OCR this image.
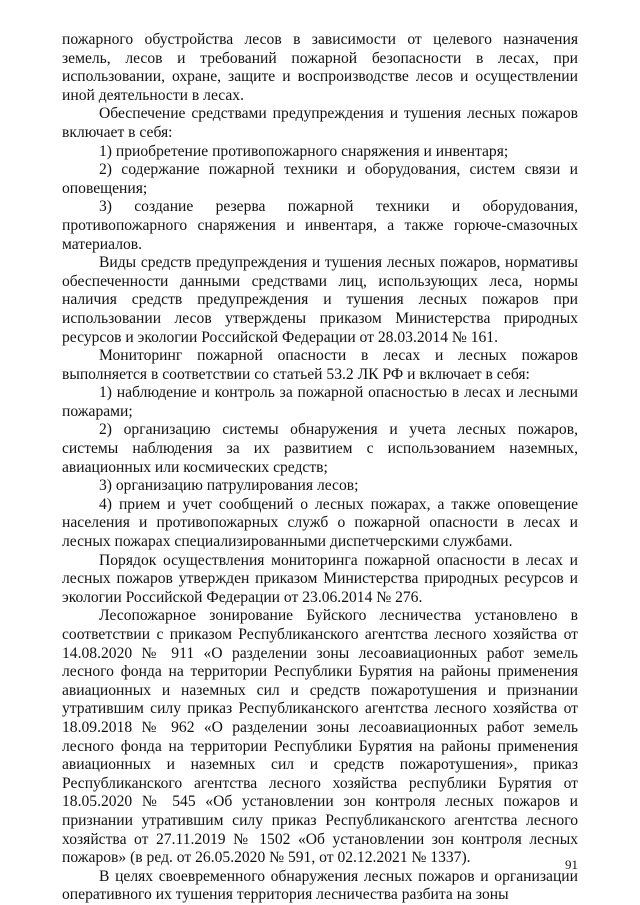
пожарного обустройства лесов в зависимости от целевого назначения земель, лесов и требований пожарной безопасности в лесах, при использовании, охране, защите и воспроизводстве лесов и осуществлении иной деятельности в лесах.

Обеспечение средствами предупреждения и тушения лесных пожаров включает в себя:

1) приобретение противопожарного снаряжения и инвентаря;

2) содержание пожарной техники и оборудования, систем связи и оповещения;

3) создание резерва пожарной техники и оборудования, противопожарного снаряжения и инвентаря, а также горюче-смазочных материалов.

Виды средств предупреждения и тушения лесных пожаров, нормативы обеспеченности данными средствами лиц, использующих леса, нормы наличия средств предупреждения и тушения лесных пожаров при использовании лесов утверждены приказом Министерства природных ресурсов и экологии Российской Федерации от 28.03.2014 № 161.

Мониторинг пожарной опасности в лесах и лесных пожаров выполняется в соответствии со статьей 53.2 ЛК РФ и включает в себя:

1) наблюдение и контроль за пожарной опасностью в лесах и лесными пожарами;

2) организацию системы обнаружения и учета лесных пожаров, системы наблюдения за их развитием с использованием наземных, авиационных или космических средств;

3) организацию патрулирования лесов;

4) прием и учет сообщений о лесных пожарах, а также оповещение населения и противопожарных служб о пожарной опасности в лесах и лесных пожарах специализированными диспетчерскими службами.

Порядок осуществления мониторинга пожарной опасности в лесах и лесных пожаров утвержден приказом Министерства природных ресурсов и экологии Российской Федерации от 23.06.2014 № 276.

Лесопожарное зонирование Буйского лесничества установлено в соответствии с приказом Республиканского агентства лесного хозяйства от 14.08.2020 № 911 «О разделении зоны лесоавиационных работ земель лесного фонда на территории Республики Бурятия на районы применения авиационных и наземных сил и средств пожаротушения и признании утратившим силу приказ Республиканского агентства лесного хозяйства от 18.09.2018 № 962 «О разделении зоны лесоавиационных работ земель лесного фонда на территории Республики Бурятия на районы применения авиационных и наземных сил и средств пожаротушения», приказ Республиканского агентства лесного хозяйства республики Бурятия от 18.05.2020 № 545 «Об установлении зон контроля лесных пожаров и признании утратившим силу приказ Республиканского агентства лесного хозяйства от 27.11.2019 № 1502 «Об установлении зон контроля лесных пожаров» (в ред. от 26.05.2020 № 591, от 02.12.2021 № 1337).

В целях своевременного обнаружения лесных пожаров и организации оперативного их тушения территория лесничества разбита на зоны

91
